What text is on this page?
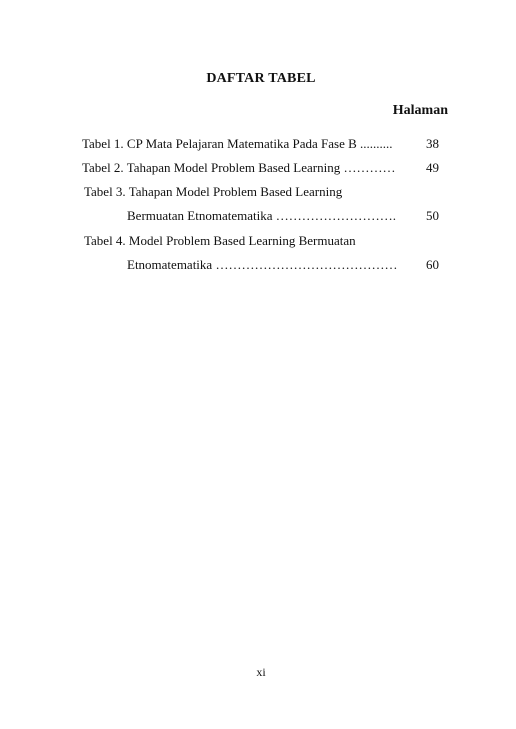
DAFTAR TABEL
Halaman
Tabel 1. CP Mata Pelajaran Matematika Pada Fase B ..........	38
Tabel 2. Tahapan Model Problem Based Learning ………… 49
Tabel 3. Tahapan Model Problem Based Learning
Bermuatan Etnomatematika ………………………. 50
Tabel 4. Model Problem Based Learning Bermuatan
Etnomatematika …………………………………… 60
xi
